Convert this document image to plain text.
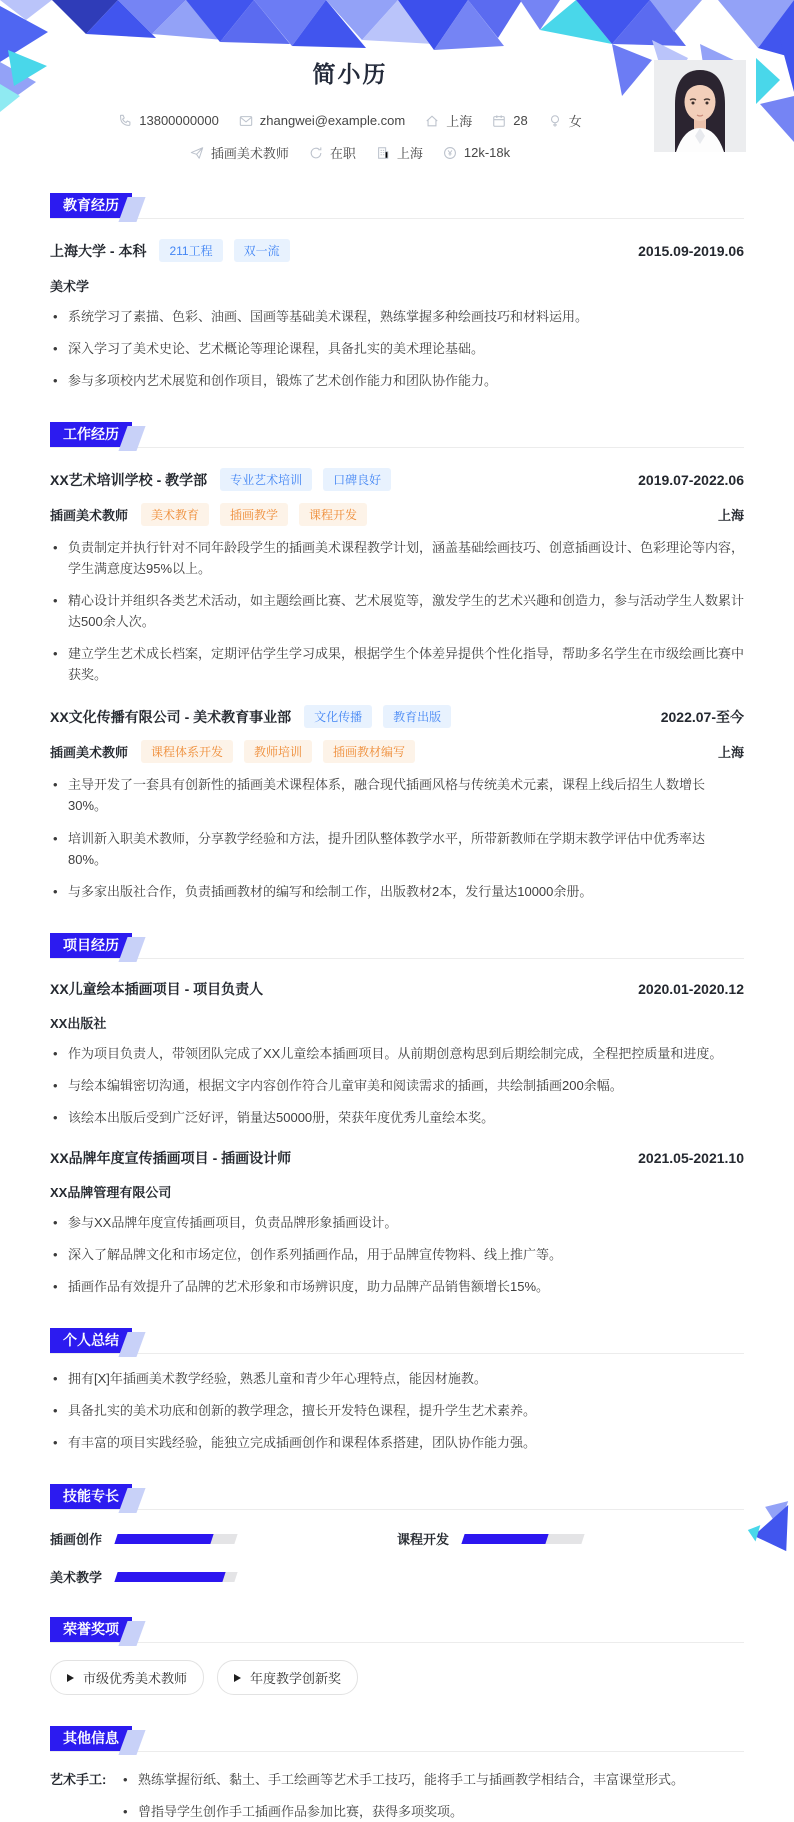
简小历
13800000000	zhangwei@example.com	上海	28	女
插画美术教师	在职	上海	12k-18k
教育经历
上海大学 - 本科	211工程	双一流	2015.09-2019.06
美术学
• 系统学习了素描、色彩、油画、国画等基础美术课程，熟练掌握多种绘画技巧和材料运用。
• 深入学习了美术史论、艺术概论等理论课程，具备扎实的美术理论基础。
• 参与多项校内艺术展览和创作项目，锻炼了艺术创作能力和团队协作能力。
工作经历
XX艺术培训学校 - 教学部	专业艺术培训	口碑良好	2019.07-2022.06
插画美术教师	美术教育	插画教学	课程开发	上海
• 负责制定并执行针对不同年龄段学生的插画美术课程教学计划，涵盖基础绘画技巧、创意插画设计、色彩理论等内容，学生满意度达95%以上。
• 精心设计并组织各类艺术活动，如主题绘画比赛、艺术展览等，激发学生的艺术兴趣和创造力，参与活动学生人数累计达500余人次。
• 建立学生艺术成长档案，定期评估学生学习成果，根据学生个体差异提供个性化指导，帮助多名学生在市级绘画比赛中获奖。
XX文化传播有限公司 - 美术教育事业部	文化传播	教育出版	2022.07-至今
插画美术教师	课程体系开发	教师培训	插画教材编写	上海
• 主导开发了一套具有创新性的插画美术课程体系，融合现代插画风格与传统美术元素，课程上线后招生人数增长30%。
• 培训新入职美术教师，分享教学经验和方法，提升团队整体教学水平，所带新教师在学期末教学评估中优秀率达80%。
• 与多家出版社合作，负责插画教材的编写和绘制工作，出版教材2本，发行量达10000余册。
项目经历
XX儿童绘本插画项目 - 项目负责人	2020.01-2020.12
XX出版社
• 作为项目负责人，带领团队完成了XX儿童绘本插画项目。从前期创意构思到后期绘制完成，全程把控质量和进度。
• 与绘本编辑密切沟通，根据文字内容创作符合儿童审美和阅读需求的插画，共绘制插画200余幅。
• 该绘本出版后受到广泛好评，销量达50000册，荣获年度优秀儿童绘本奖。
XX品牌年度宣传插画项目 - 插画设计师	2021.05-2021.10
XX品牌管理有限公司
• 参与XX品牌年度宣传插画项目，负责品牌形象插画设计。
• 深入了解品牌文化和市场定位，创作系列插画作品，用于品牌宣传物料、线上推广等。
• 插画作品有效提升了品牌的艺术形象和市场辨识度，助力品牌产品销售额增长15%。
个人总结
• 拥有[X]年插画美术教学经验，熟悉儿童和青少年心理特点，能因材施教。
• 具备扎实的美术功底和创新的教学理念，擅长开发特色课程，提升学生艺术素养。
• 有丰富的项目实践经验，能独立完成插画创作和课程体系搭建，团队协作能力强。
技能专长
插画创作	课程开发
美术教学
荣誉奖项
市级优秀美术教师	年度教学创新奖
其他信息
艺术手工:	• 熟练掌握衍纸、黏土、手工绘画等艺术手工技巧，能将手工与插画教学相结合，丰富课堂形式。
• 曾指导学生创作手工插画作品参加比赛，获得多项奖项。
